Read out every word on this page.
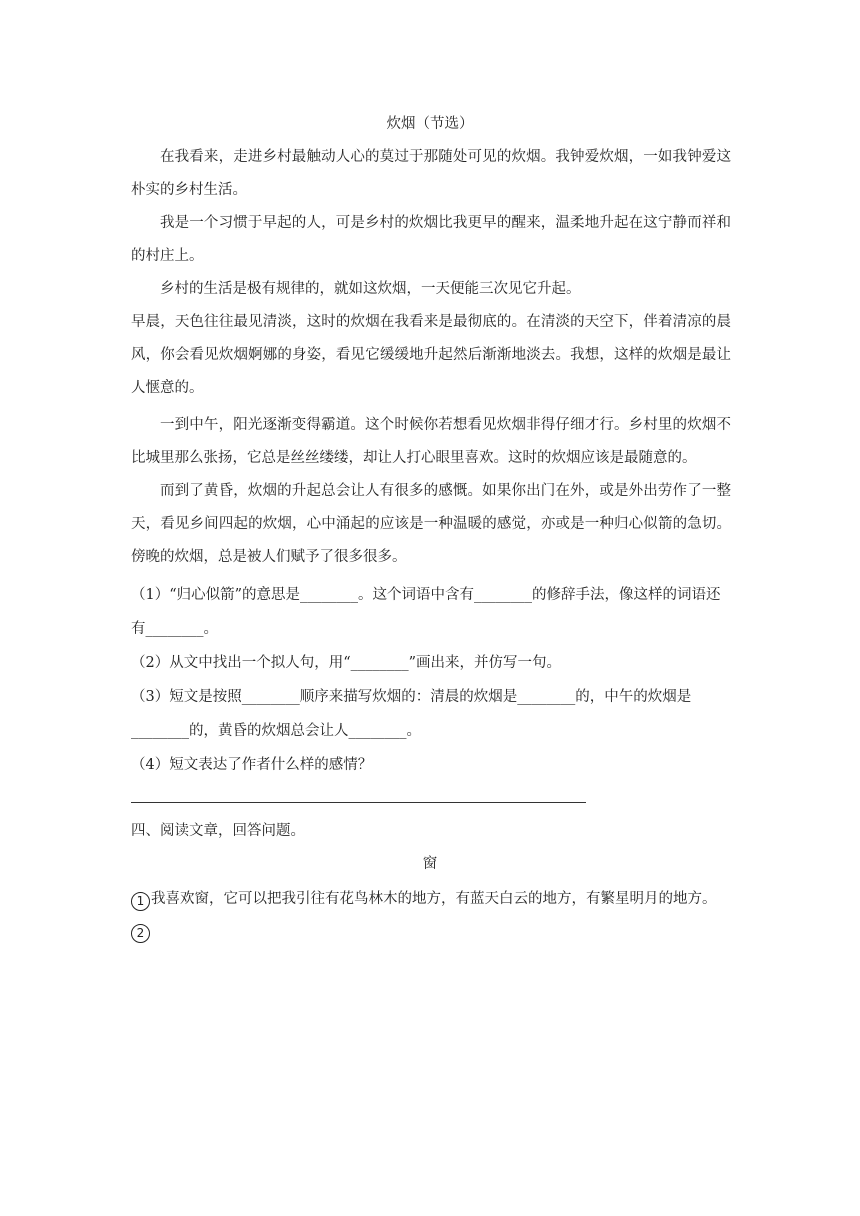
炊烟（节选）
在我看来，走进乡村最触动人心的莫过于那随处可见的炊烟。我钟爱炊烟，一如我钟爱这朴实的乡村生活。
我是一个习惯于早起的人，可是乡村的炊烟比我更早的醒来，温柔地升起在这宁静而祥和的村庄上。
乡村的生活是极有规律的，就如这炊烟，一天便能三次见它升起。
早晨，天色往往最见清淡，这时的炊烟在我看来是最彻底的。在清淡的天空下，伴着清凉的晨风，你会看见炊烟婀娜的身姿，看见它缓缓地升起然后渐渐地淡去。我想，这样的炊烟是最让人惬意的。
一到中午，阳光逐渐变得霸道。这个时候你若想看见炊烟非得仔细才行。乡村里的炊烟不比城里那么张扬，它总是丝丝缕缕，却让人打心眼里喜欢。这时的炊烟应该是最随意的。
而到了黄昏，炊烟的升起总会让人有很多的感慨。如果你出门在外，或是外出劳作了一整天，看见乡间四起的炊烟，心中涌起的应该是一种温暖的感觉，亦或是一种归心似箭的急切。傍晚的炊烟，总是被人们赋予了很多很多。
（1）“归心似箭”的意思是________。这个词语中含有________的修辞手法，像这样的词语还有________。
（2）从文中找出一个拟人句，用“________”画出来，并仿写一句。
（3）短文是按照________顺序来描写炊烟的：清晨的炊烟是________的，中午的炊烟是________的，黄昏的炊烟总会让人________。
（4）短文表达了作者什么样的感情？
四、阅读文章，回答问题。
窗
1 我喜欢窗，它可以把我引往有花鸟林木的地方，有蓝天白云的地方，有繁星明月的地方。
2
